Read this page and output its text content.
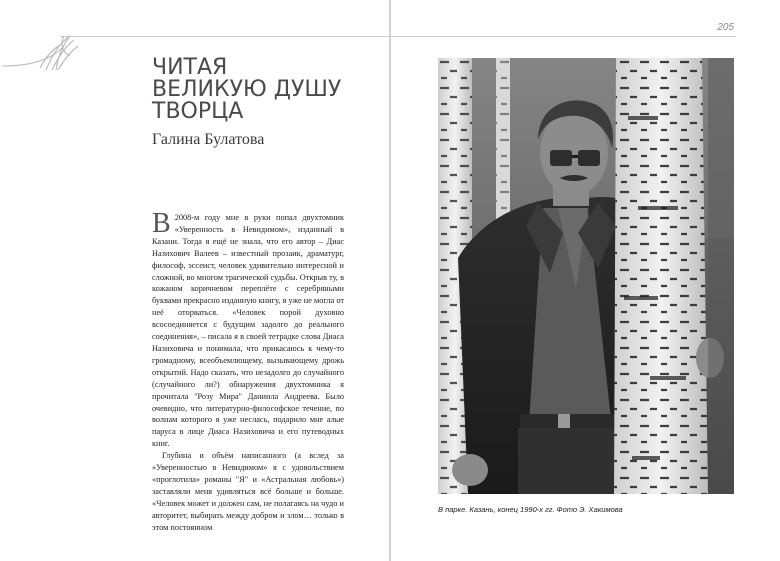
ЧИТАЯ
ВЕЛИКУЮ ДУШУ
ТВОРЦА
Галина Булатова

В 2008-м году мне в руки попал двухтомник «Уверенность в Невидимом», изданный в Казани. Тогда я ещё не знала, что его автор – Диас Назихович Валеев – известный прозаик, драматург, философ, эссеист, человек удивительно интересной и сложной, во многом трагической судьбы. Открыв ту, в кожаном коричневом переплёте с серебряными буквами прекрасно изданную книгу, я уже не могла от неё оторваться. «Человек порой духовно всосоединяется с будущим задолго до реального соединения», – писала я в своей тетрадке слова Диаса Назиховича и понимала, что прикасаюсь к чему-то громадному, всеобъемлющему, вызывающему дрожь открытий. Надо сказать, что незадолго до случайного (случайного ли?) обнаружения двухтомника я прочитала "Розу Мира" Даниила Андреева. Было очевидно, что литературно-философское течение, по волнам которого я уже неслась, подарило мне алые паруса в лице Диаса Назиховича и его путеводных книг.

Глубина и объём написанного (а вслед за «Уверенностью в Невидимом» я с удовольствием «проглотила» романы "Я" и «Астральная любовь») заставляли меня удивляться всё больше и больше. «Человек может и должен сам, не полагаясь на чудо и авторитет, выбирать между добром и злом… только в этом постоянном

205
В парке. Казань, конец 1990-х гг. Фото Э. Хакимова
